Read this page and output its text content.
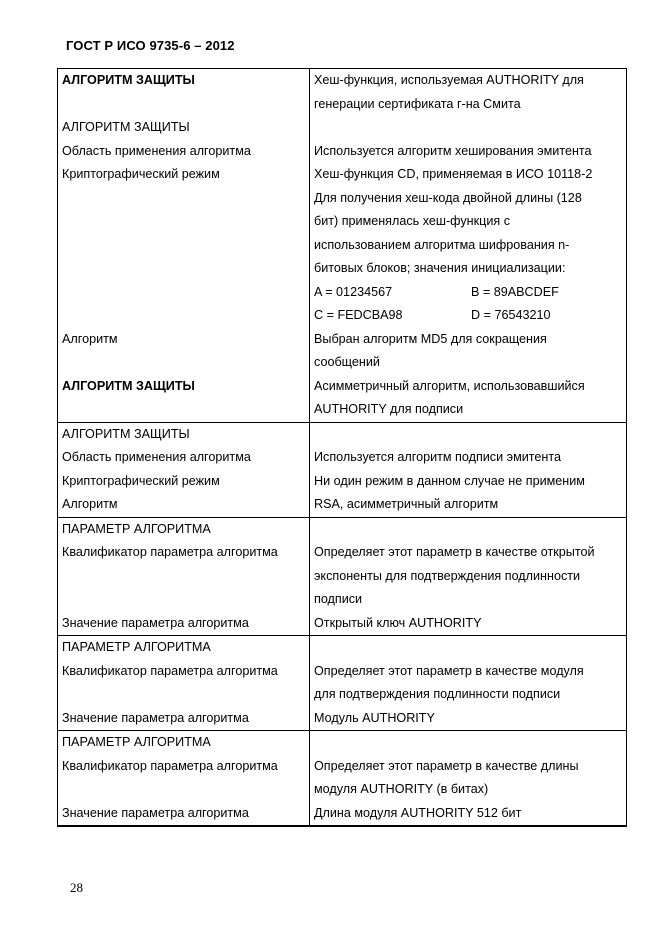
ГОСТ Р ИСО 9735-6 – 2012
АЛГОРИТМ ЗАЩИТЫ
АЛГОРИТМ ЗАЩИТЫ
Область применения алгоритма
Криптографический режим
Алгоритм
АЛГОРИТМ ЗАЩИТЫ
Хеш-функция, используемая AUTHORITY для
генерации сертификата г-на Смита
Используется алгоритм хеширования эмитента
Хеш-функция CD, применяемая в ИСО 10118-2
Для получения хеш-кода двойной длины (128
бит) применялась хеш-функция с
использованием алгоритма шифрования n-
битовых блоков; значения инициализации:
A = 01234567	B = 89ABCDEF
C = FEDCBA98	D = 76543210
Выбран алгоритм MD5 для сокращения
сообщений
Асимметричный алгоритм, использовавшийся
AUTHORITY для подписи
АЛГОРИТМ ЗАЩИТЫ
Область применения алгоритма
Криптографический режим
Алгоритм
Используется алгоритм подписи эмитента
Ни один режим в данном случае не применим
RSA, асимметричный алгоритм
ПАРАМЕТР АЛГОРИТМА
Квалификатор параметра алгоритма
Значение параметра алгоритма
Определяет этот параметр в качестве открытой
экспоненты для подтверждения подлинности
подписи
Открытый ключ AUTHORITY
ПАРАМЕТР АЛГОРИТМА
Квалификатор параметра алгоритма
Значение параметра алгоритма
Определяет этот параметр в качестве модуля
для подтверждения подлинности подписи
Модуль AUTHORITY
ПАРАМЕТР АЛГОРИТМА
Квалификатор параметра алгоритма
Значение параметра алгоритма
Определяет этот параметр в качестве длины
модуля AUTHORITY (в битах)
Длина модуля AUTHORITY 512 бит
28
